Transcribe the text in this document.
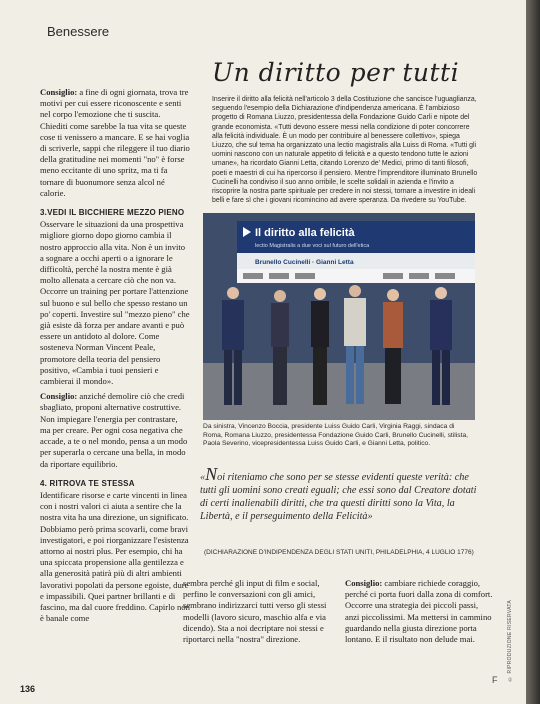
Benessere

Consiglio: a fine di ogni giornata, trova tre motivi per cui essere riconoscente e senti nel corpo l'emozione che ti suscita. Chiediti come sarebbe la tua vita se queste cose ti venissero a mancare. E se hai voglia di scriverle, sappi che rileggere il tuo diario della gratitudine nei momenti "no" è forse meno eccitante di uno spritz, ma ti fa tornare di buonumore senza alcol né calorie.

3.VEDI IL BICCHIERE MEZZO PIENO

Osservare le situazioni da una prospettiva migliore giorno dopo giorno cambia il nostro approccio alla vita. Non è un invito a sognare a occhi aperti o a ignorare le difficoltà, perché la nostra mente è già molto allenata a cercare ciò che non va. Occorre un training per portare l'attenzione sul buono e sul bello che spesso restano un po' coperti. Investire sul "mezzo pieno" che già esiste dà forza per andare avanti e può essere un antidoto al dolore. Come sosteneva Norman Vincent Peale, promotore della teoria del pensiero positivo, «Cambia i tuoi pensieri e cambierai il mondo».

Consiglio: anziché demolire ciò che credi sbagliato, proponi alternative costruttive. Non impiegare l'energia per contrastare, ma per creare. Per ogni cosa negativa che accade, a te o nel mondo, pensa a un modo per superarla o cercane una bella, in modo da riportare equilibrio.

4. RITROVA TE STESSA

Identificare risorse e carte vincenti in linea con i nostri valori ci aiuta a sentire che la nostra vita ha una direzione, un significato. Dobbiamo però prima scovarli, come bravi investigatori, e poi riorganizzare l'esistenza attorno ai nostri plus. Per esempio, chi ha una spiccata propensione alla gentilezza e alla generosità patirà più di altri ambienti lavorativi popolati da persone egoiste, dure e impassibili. Quei partner brillanti e di fascino, ma dal cuore freddino. Capirlo non è banale come

Un diritto per tutti
Inserire il diritto alla felicità nell'articolo 3 della Costituzione che sancisce l'uguaglianza, seguendo l'esempio della Dichiarazione d'indipendenza americana. È l'ambizioso progetto di Romana Liuzzo, presidentessa della Fondazione Guido Carli e nipote del grande economista. «Tutti devono essere messi nella condizione di poter concorrere alla felicità individuale. È un modo per contribuire al benessere collettivo», spiega Liuzzo, che sul tema ha organizzato una lectio magistralis alla Luiss di Roma. «Tutti gli uomini nascono con un naturale appetito di felicità e a questo tendono tutte le azioni umane», ha ricordato Gianni Letta, citando Lorenzo de' Medici, primo di tanti filosofi, poeti e maestri di cui ha ripercorso il pensiero. Mentre l'imprenditore illuminato Brunello Cucinelli ha condiviso il suo anno orribile, le scelte solidali in azienda e l'invito a riscoprire la nostra parte spirituale per credere in noi stessi, tornare a investire in ideali belli e fare sì che i giovani ricomincino ad avere speranza. Da rivedere su YouTube.
Il diritto alla felicità
lectio Magistralis a due voci sul futuro dell'etica
Brunello Cucinelli · Gianni Letta
Da sinistra, Vincenzo Boccia, presidente Luiss Guido Carli, Virginia Raggi, sindaca di Roma, Romana Liuzzo, presidentessa Fondazione Guido Carli, Brunello Cucinelli, stilista, Paola Severino, vicepresidentessa Luiss Guido Carli, e Gianni Letta, politico.
«Noi riteniamo che sono per se stesse evidenti queste verità: che tutti gli uomini sono creati eguali; che essi sono dal Creatore dotati di certi inalienabili diritti, che tra questi diritti sono la Vita, la Libertà, e il perseguimento della Felicità»
(DICHIARAZIONE D'INDIPENDENZA DEGLI STATI UNITI, PHILADELPHIA, 4 LUGLIO 1776)
sembra perché gli input di film e social, perfino le conversazioni con gli amici, sembrano indirizzarci tutti verso gli stessi modelli (lavoro sicuro, maschio alfa e via dicendo). Sta a noi decriptare noi stessi e riportarci nella "nostra" direzione.
Consiglio: cambiare richiede coraggio, perché ci porta fuori dalla zona di comfort. Occorre una strategia dei piccoli passi, anzi piccolissimi. Ma mettersi in cammino guardando nella giusta direzione porta lontano. E il risultato non delude mai.
F © RIPRODUZIONE RISERVATA
136
